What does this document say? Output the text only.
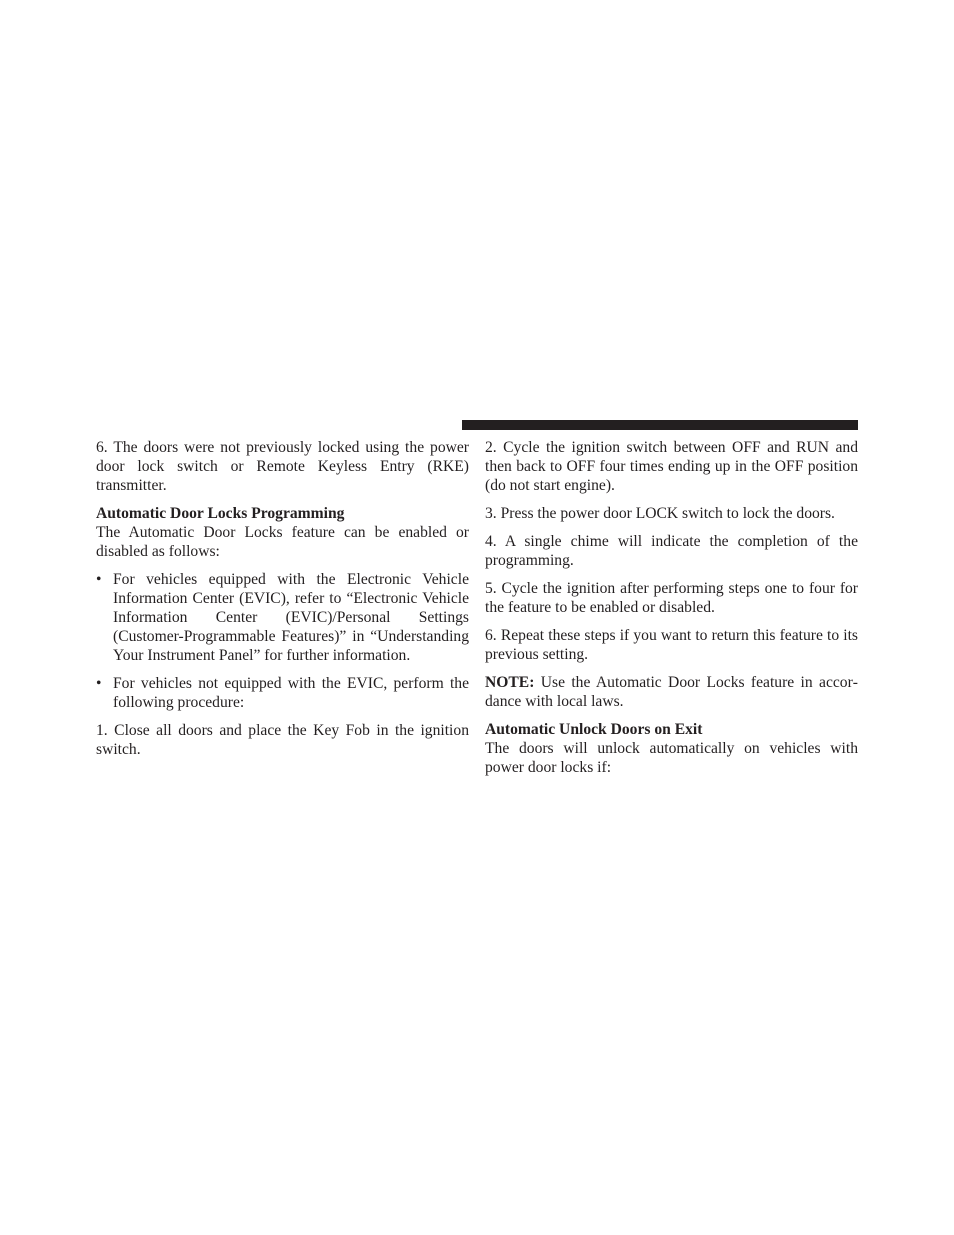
6. The doors were not previously locked using the power door lock switch or Remote Keyless Entry (RKE) transmitter.

Automatic Door Locks Programming

The Automatic Door Locks feature can be enabled or disabled as follows:

• For vehicles equipped with the Electronic Vehicle Information Center (EVIC), refer to “Electronic Vehicle Information Center (EVIC)/Personal Settings (Customer-Programmable Features)” in “Understanding Your Instrument Panel” for further information.
• For vehicles not equipped with the EVIC, perform the following procedure:

1. Close all doors and place the Key Fob in the ignition switch.

2. Cycle the ignition switch between OFF and RUN and then back to OFF four times ending up in the OFF position (do not start engine).

3. Press the power door LOCK switch to lock the doors.

4. A single chime will indicate the completion of the programming.

5. Cycle the ignition after performing steps one to four for the feature to be enabled or disabled.

6. Repeat these steps if you want to return this feature to its previous setting.

NOTE: Use the Automatic Door Locks feature in accordance with local laws.

Automatic Unlock Doors on Exit

The doors will unlock automatically on vehicles with power door locks if:
